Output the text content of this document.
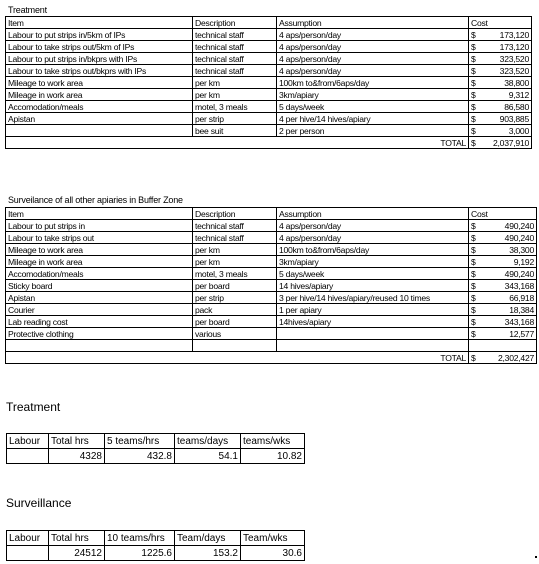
Treatment
Item	Description	Assumption	Cost
Labour to put strips in/5km of IPs	technical staff	4 aps/person/day	$ 173,120

Labour to take strips out/5km of IPs	technical staff	4 aps/person/day	$ 173,120

Labour to put strips in/bkprs with IPs	technical staff	4 aps/person/day	$ 323,520

Labour to take strips out/bkprs with IPs	technical staff	4 aps/person/day	$ 323,520

Mileage to work area	per km	100km to&from/6aps/day	$ 38,800

Mileage in work area	per km	3km/apiary	$ 9,312

Accomodation/meals	motel, 3 meals	5 days/week	$ 86,580

Apistan	per strip	4 per hive/14 hives/apiary	$ 903,885

	bee suit	2 per person	$ 3,000

TOTAL			$ 2,037,910
Surveilance of all other apiaries in Buffer Zone
Item	Description	Assumption	Cost
Labour to put strips in	technical staff	4 aps/person/day	$ 490,240

Labour to take strips out	technical staff	4 aps/person/day	$ 490,240

Mileage to work area	per km	100km to&from/6aps/day	$ 38,300

Mileage in work area	per km	3km/apiary	$ 9,192

Accomodation/meals	motel, 3 meals	5 days/week	$ 490,240

Sticky board	per board	14 hives/apiary	$ 343,168

Apistan	per strip	3 per hive/14 hives/apiary/reused 10 times	$ 66,918

Courier	pack	1 per apiary	$ 18,384

Lab reading cost	per board	14hives/apiary	$ 343,168

Protective clothing	various		$ 12,577

TOTAL			$ 2,302,427
Treatment
Labour	Total hrs	5 teams/hrs	teams/days	teams/wks
	4328	432.8	54.1	10.82
Surveillance
Labour	Total hrs	10 teams/hrs	Team/days	Team/wks
	24512	1225.6	153.2	30.6
